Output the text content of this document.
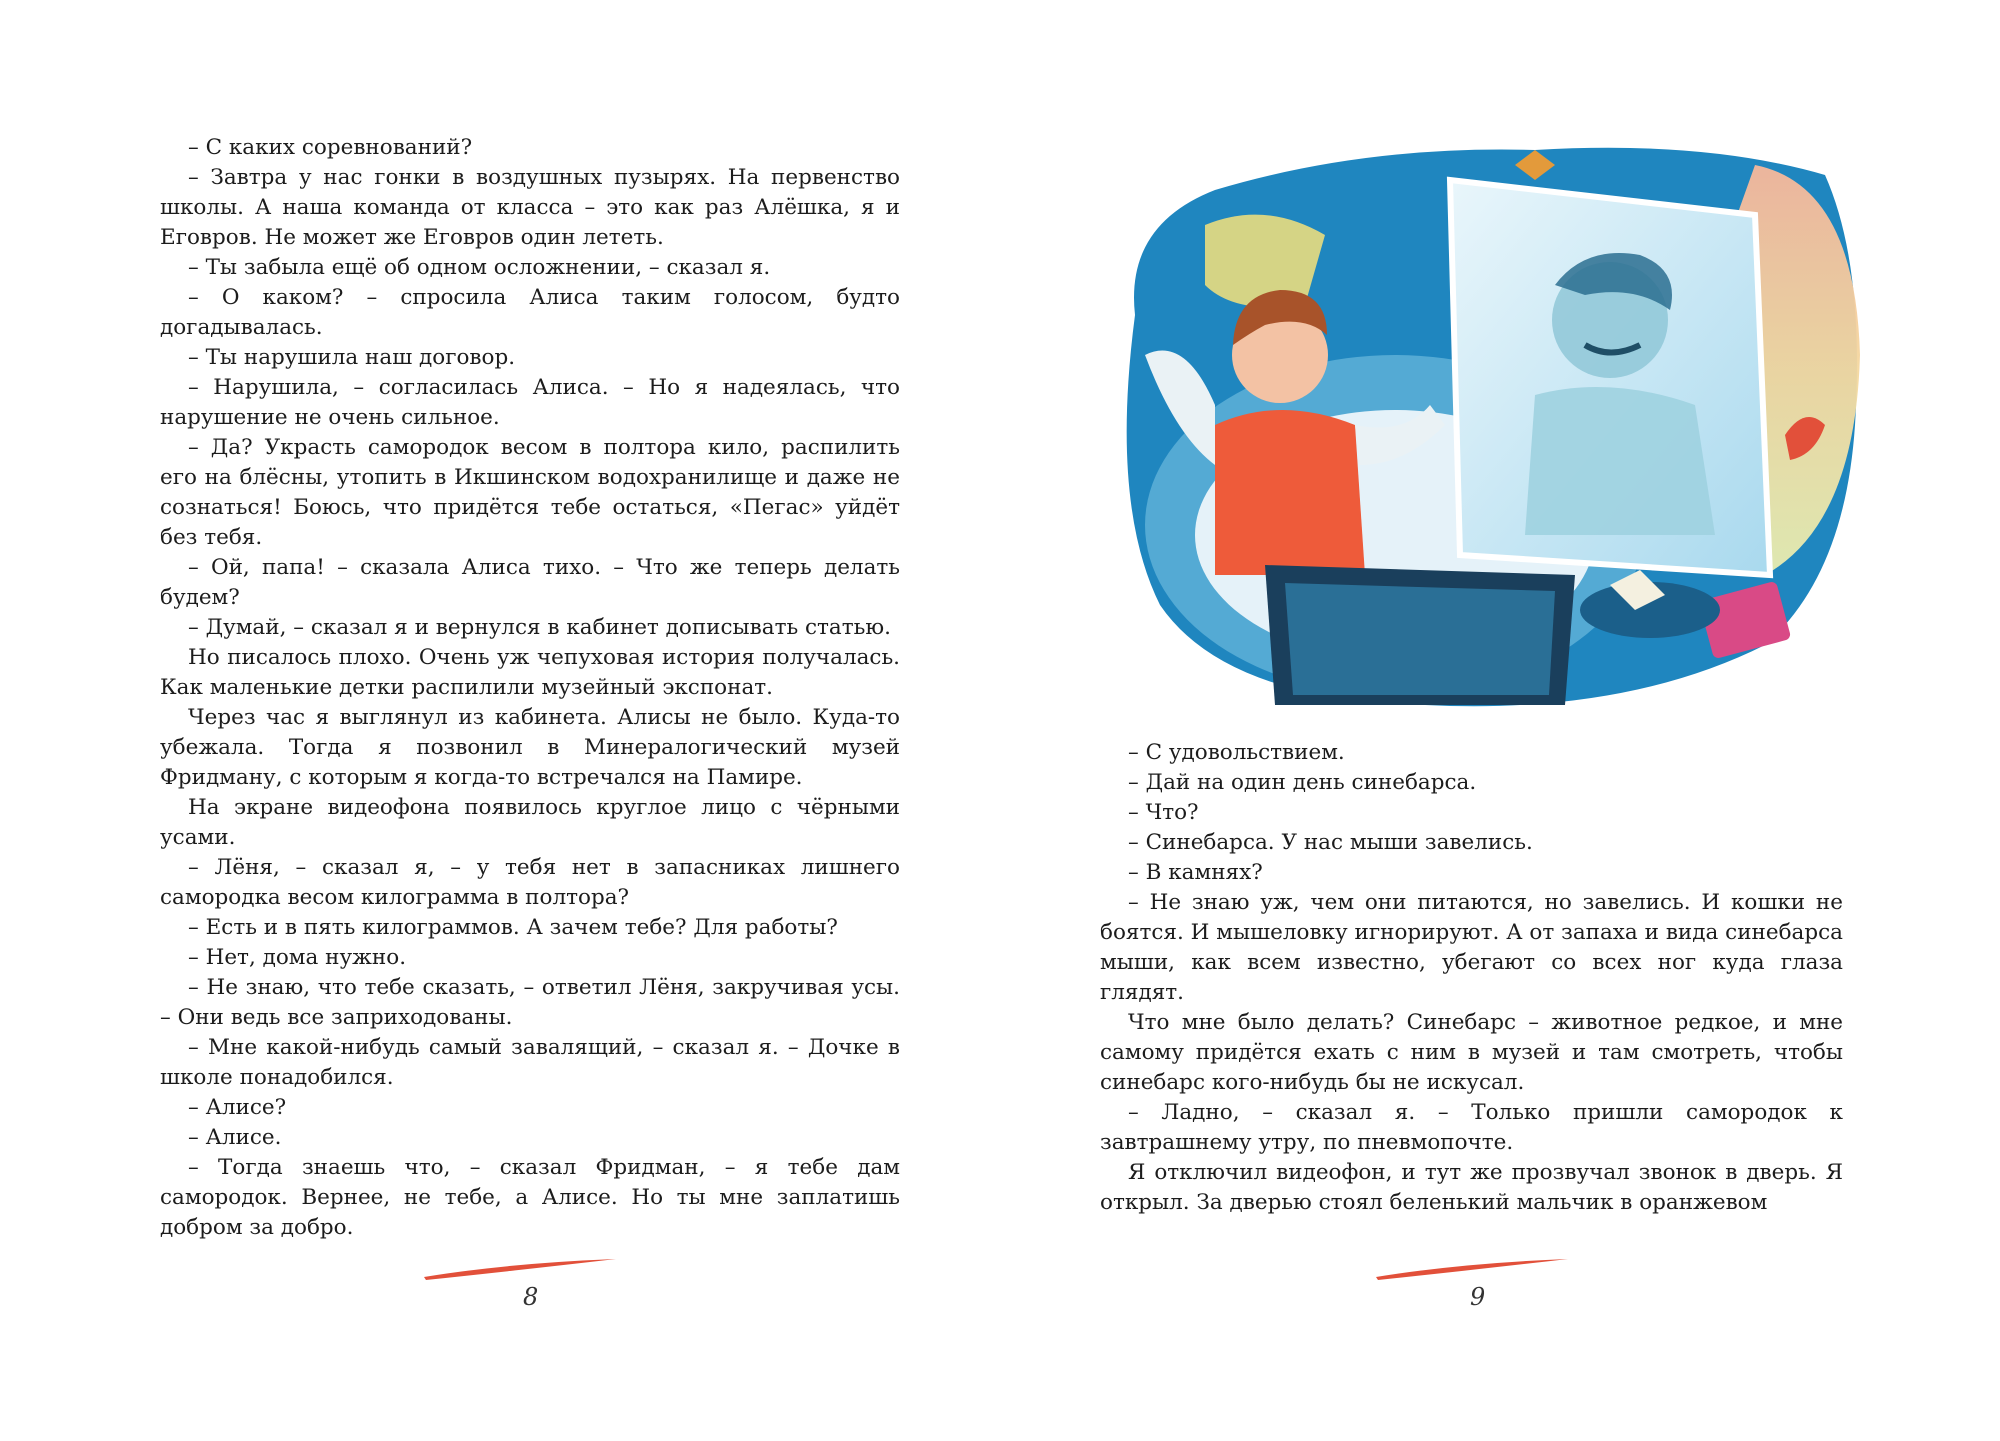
– С каких соревнований?

– Завтра у нас гонки в воздушных пузырях. На первенство школы. А наша команда от класса – это как раз Алёшка, я и Еговров. Не может же Еговров один лететь.

– Ты забыла ещё об одном осложнении, – сказал я.

– О каком? – спросила Алиса таким голосом, будто догадывалась.

– Ты нарушила наш договор.

– Нарушила, – согласилась Алиса. – Но я надеялась, что нарушение не очень сильное.

– Да? Украсть самородок весом в полтора кило, распилить его на блёсны, утопить в Икшинском водохранилище и даже не сознаться! Боюсь, что придётся тебе остаться, «Пегас» уйдёт без тебя.

– Ой, папа! – сказала Алиса тихо. – Что же теперь делать будем?

– Думай, – сказал я и вернулся в кабинет дописывать статью.

Но писалось плохо. Очень уж чепуховая история получалась. Как маленькие детки распилили музейный экспонат.

Через час я выглянул из кабинета. Алисы не было. Куда-то убежала. Тогда я позвонил в Минералогический музей Фридману, с которым я когда-то встречался на Памире.

На экране видеофона появилось круглое лицо с чёрными усами.

– Лёня, – сказал я, – у тебя нет в запасниках лишнего самородка весом килограмма в полтора?

– Есть и в пять килограммов. А зачем тебе? Для работы?

– Нет, дома нужно.

– Не знаю, что тебе сказать, – ответил Лёня, закручивая усы. – Они ведь все заприходованы.

– Мне какой-нибудь самый завалящий, – сказал я. – Дочке в школе понадобился.

– Алисе?

– Алисе.

– Тогда знаешь что, – сказал Фридман, – я тебе дам самородок. Вернее, не тебе, а Алисе. Но ты мне заплатишь добром за добро.

8

– С удовольствием.

– Дай на один день синебарса.

– Что?

– Синебарса. У нас мыши завелись.

– В камнях?

– Не знаю уж, чем они питаются, но завелись. И кошки не боятся. И мышеловку игнорируют. А от запаха и вида синебарса мыши, как всем известно, убегают со всех ног куда глаза глядят.

Что мне было делать? Синебарс – животное редкое, и мне самому придётся ехать с ним в музей и там смотреть, чтобы синебарс кого-нибудь бы не искусал.

– Ладно, – сказал я. – Только пришли самородок к завтрашнему утру, по пневмопочте.

Я отключил видеофон, и тут же прозвучал звонок в дверь. Я открыл. За дверью стоял беленький мальчик в оранжевом

9
